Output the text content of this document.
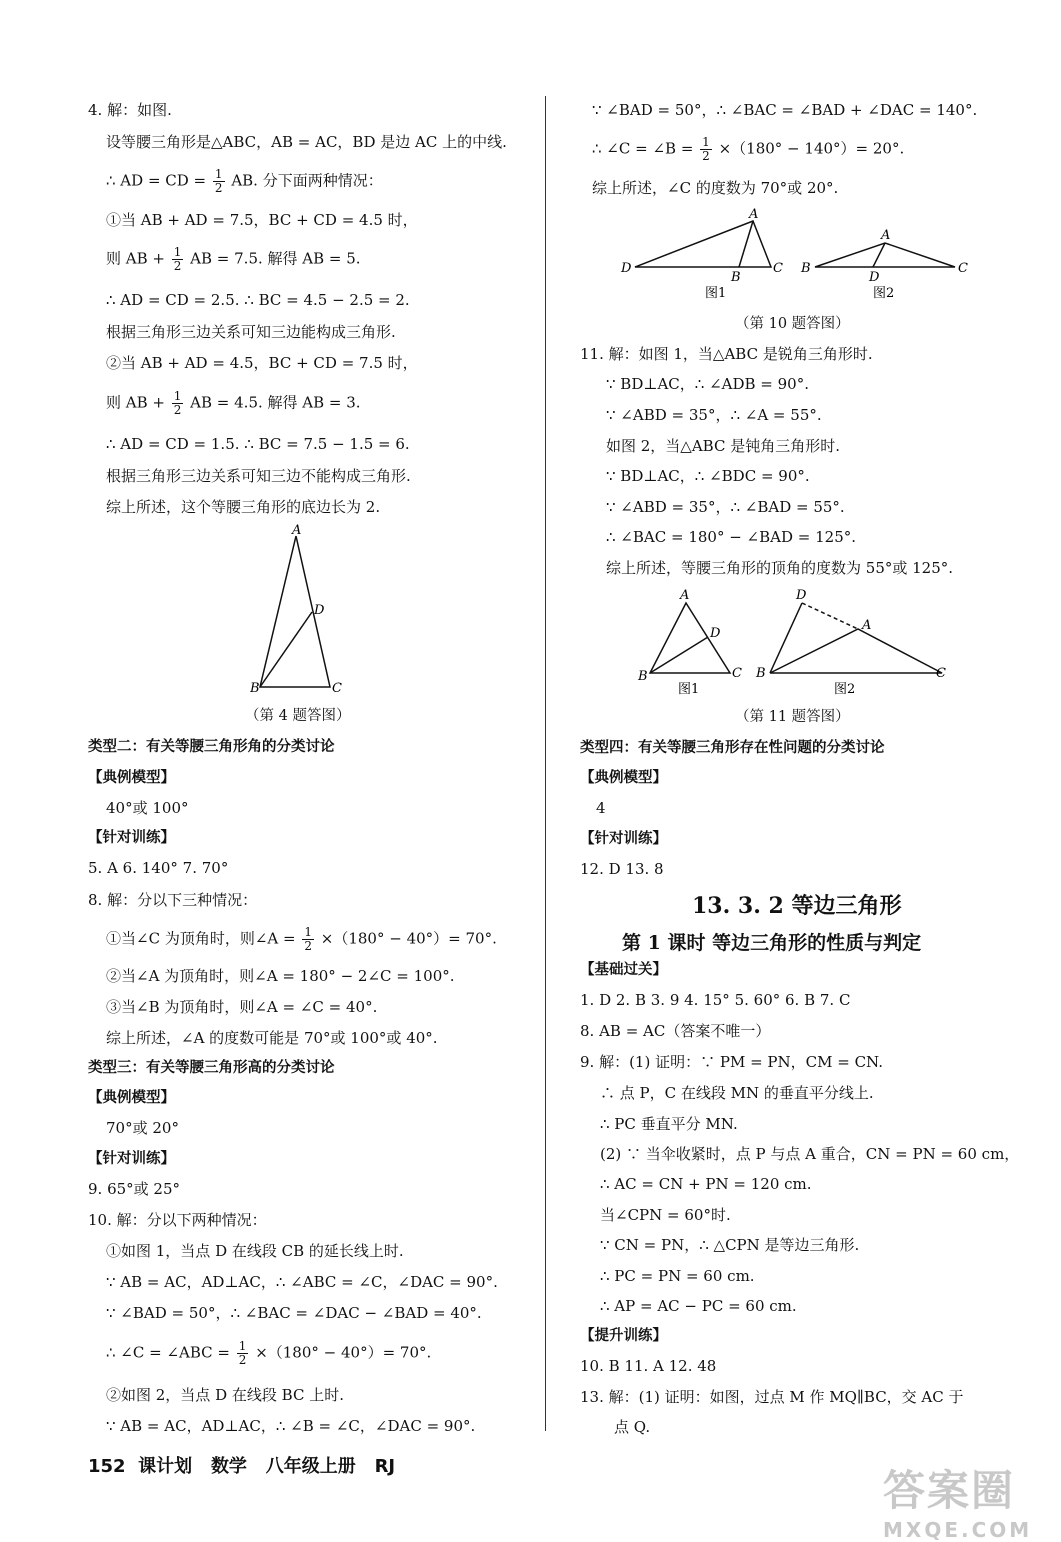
4. 解：如图.
设等腰三角形是△ABC，AB = AC，BD 是边 AC 上的中线.
∴ AD = CD = $\frac{1}{2}$ AB. 分下面两种情况：
①当 AB + AD = 7.5，BC + CD = 4.5 时，
则 AB + $\frac{1}{2}$ AB = 7.5. 解得 AB = 5.
∴ AD = CD = 2.5. ∴ BC = 4.5 − 2.5 = 2.
根据三角形三边关系可知三边能构成三角形.
②当 AB + AD = 4.5，BC + CD = 7.5 时，
则 AB + $\frac{1}{2}$ AB = 4.5. 解得 AB = 3.
∴ AD = CD = 1.5. ∴ BC = 7.5 − 1.5 = 6.
根据三角形三边关系可知三边不能构成三角形.
综上所述，这个等腰三角形的底边长为 2.
A
D
B	C
（第 4 题答图）
类型二：有关等腰三角形角的分类讨论
【典例模型】
40°或 100°
【针对训练】
5. A 6. 140° 7. 70°
8. 解：分以下三种情况：
①当∠C 为顶角时，则∠A = $\frac{1}{2} \times(180^\circ - 40^\circ)= 70^\circ$.
②当∠A 为顶角时，则∠A = 180° − 2∠C = 100°.
③当∠B 为顶角时，则∠A = ∠C = 40°.
综上所述，∠A 的度数可能是 70°或 100°或 40°.
类型三：有关等腰三角形高的分类讨论
【典例模型】
70°或 20°
【针对训练】
9. 65°或 25°
10. 解：分以下两种情况：
①如图 1，当点 D 在线段 CB 的延长线上时.
∵ AB = AC，AD⊥AC，∴ ∠ABC = ∠C，∠DAC = 90°.
∵ ∠BAD = 50°，∴ ∠BAC = ∠DAC − ∠BAD = 40°.
∴ ∠C = ∠ABC = $\frac{1}{2} \times(180^\circ - 40^\circ)= 70^\circ$.
②如图 2，当点 D 在线段 BC 上时.
∵ AB = AC，AD⊥AC，∴ ∠B = ∠C，∠DAC = 90°.
∵ ∠BAD = 50°，∴ ∠BAC = ∠BAD + ∠DAC = 140°.
∴ ∠C = ∠B = $\frac{1}{2} \times(180^\circ - 140^\circ)= 20^\circ$.
综上所述，∠C 的度数为 70°或 20°.
A
D
B
C
图1
A
B
D
C
图2
（第 10 题答图）
11. 解：如图 1，当△ABC 是锐角三角形时.
∵ BD⊥AC，∴ ∠ADB = 90°.
∵ ∠ABD = 35°，∴ ∠A = 55°.
如图 2，当△ABC 是钝角三角形时.
∵ BD⊥AC，∴ ∠BDC = 90°.
∵ ∠ABD = 35°，∴ ∠BAD = 55°.
∴ ∠BAC = 180° − ∠BAD = 125°.
综上所述，等腰三角形的顶角的度数为 55°或 125°.
A
D
B	C
图1
D
A
B	C
图2
（第 11 题答图）
类型四：有关等腰三角形存在性问题的分类讨论
【典例模型】
4
【针对训练】
12. D 13. 8
13. 3. 2 等边三角形
第 1 课时 等边三角形的性质与判定
【基础过关】
1. D 2. B 3. 9 4. 15° 5. 60° 6. B 7. C
8. AB = AC（答案不唯一）
9. 解：(1) 证明：∵ PM = PN，CM = CN.
∴ 点 P，C 在线段 MN 的垂直平分线上.
∴ PC 垂直平分 MN.
(2) ∵ 当伞收紧时，点 P 与点 A 重合，CN = PN = 60 cm，
∴ AC = CN + PN = 120 cm.
当∠CPN = 60°时.
∵ CN = PN，∴ △CPN 是等边三角形.
∴ PC = PN = 60 cm.
∴ AP = AC − PC = 60 cm.
【提升训练】
10. B 11. A 12. 48
13. 解：(1) 证明：如图，过点 M 作 MQ∥BC，交 AC 于
点 Q.
152 课计划 数学 八年级上册 RJ	答案圈
MXQE.COM
